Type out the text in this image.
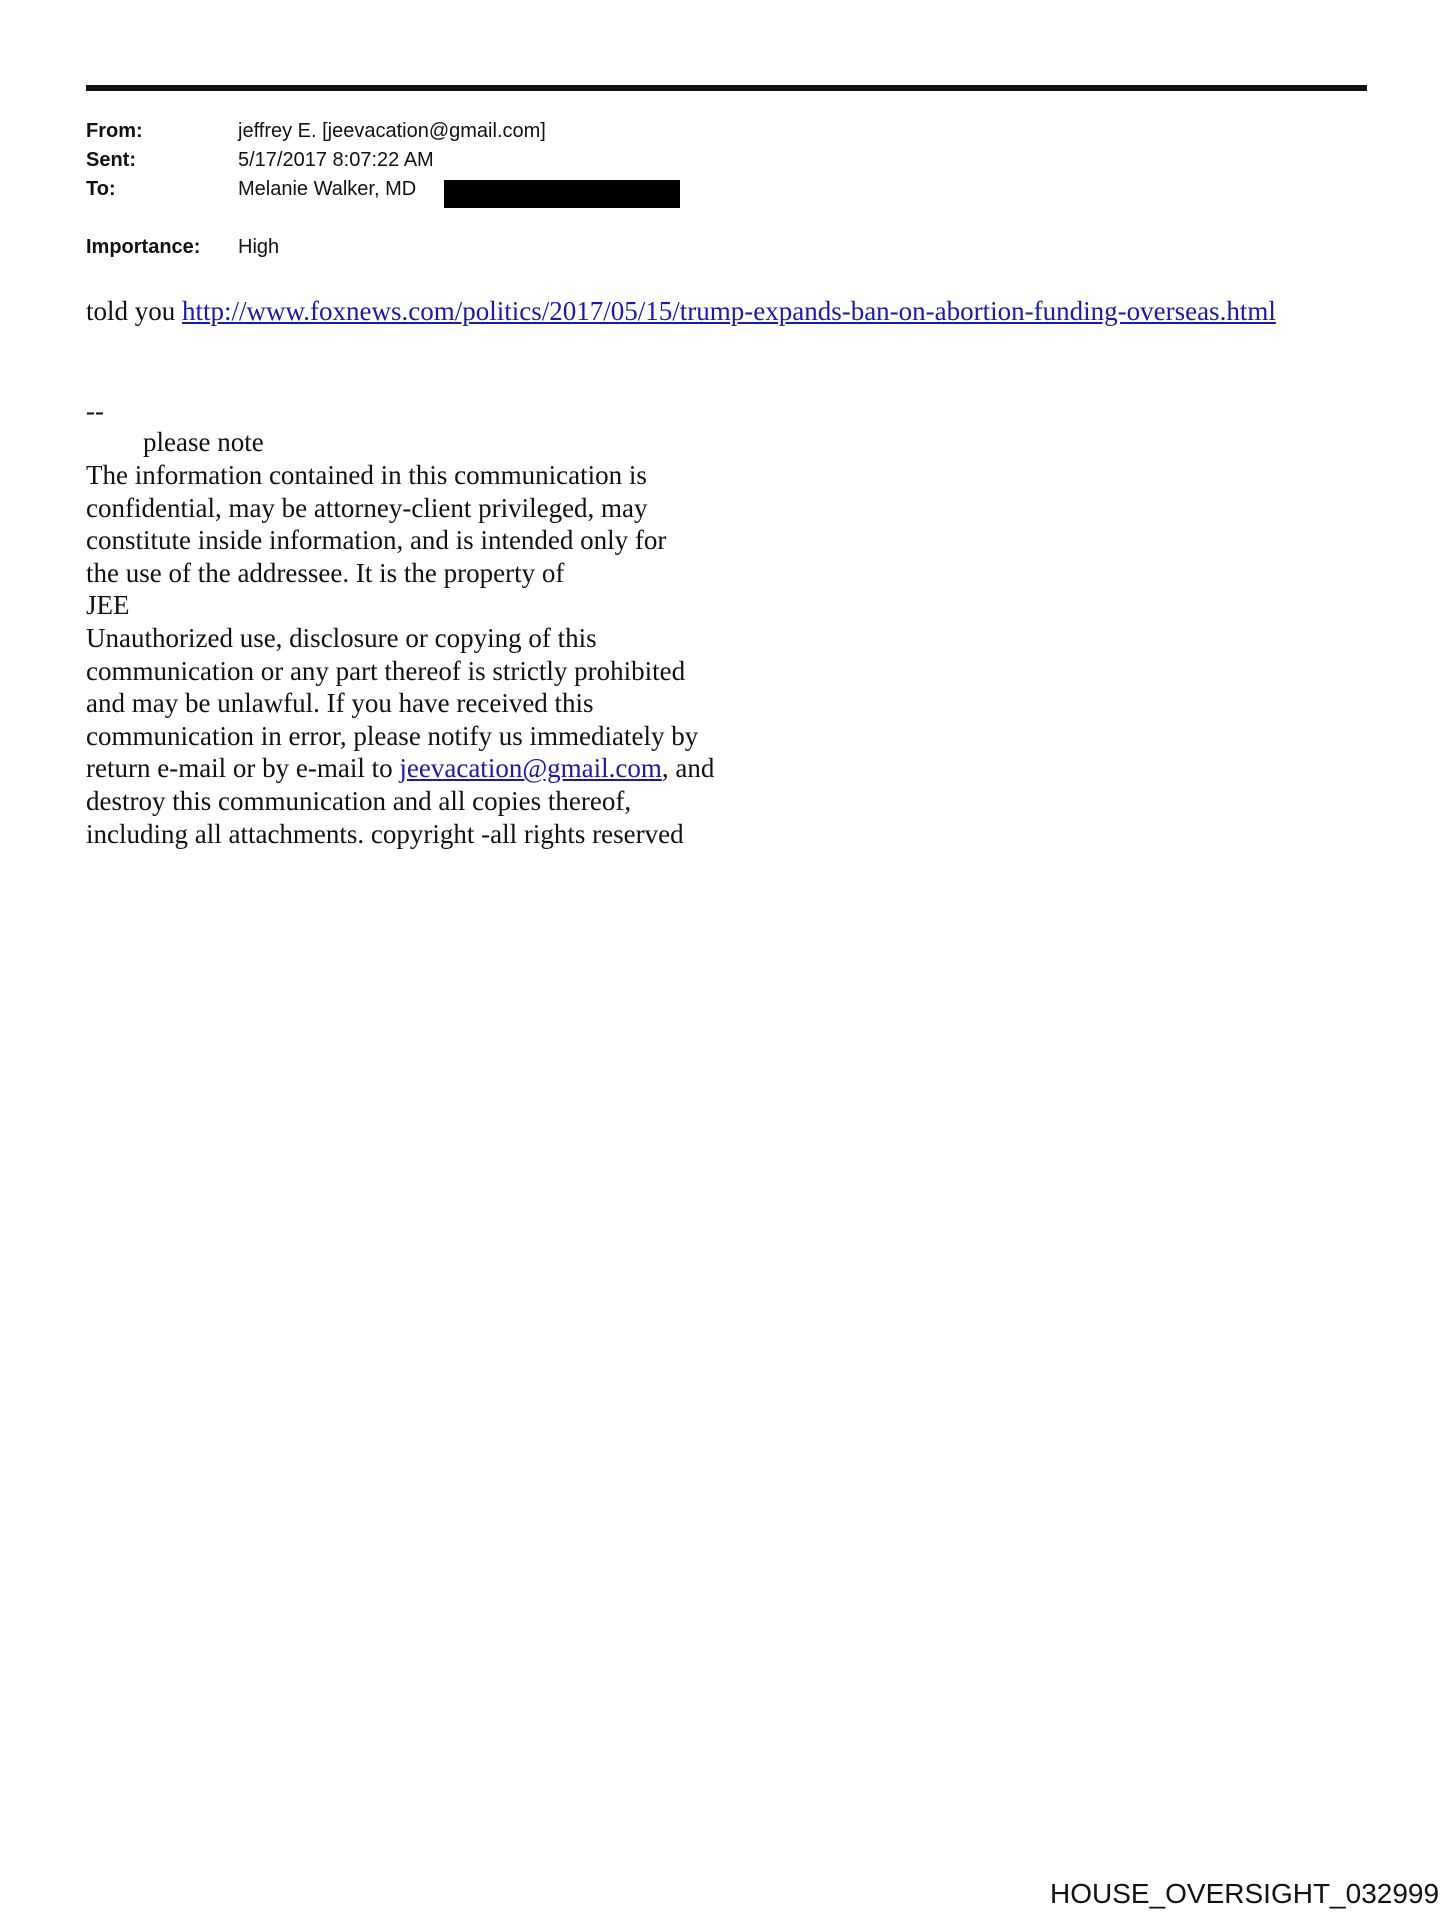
From:	jeffrey E. [jeevacation@gmail.com]
Sent:	5/17/2017 8:07:22 AM
To:	Melanie Walker, MD
Importance: High
told you http://www.foxnews.com/politics/2017/05/15/trump-expands-ban-on-abortion-funding-overseas.html
--
please note
The information contained in this communication is
confidential, may be attorney-client privileged, may
constitute inside information, and is intended only for
the use of the addressee. It is the property of
JEE
Unauthorized use, disclosure or copying of this
communication or any part thereof is strictly prohibited
and may be unlawful. If you have received this
communication in error, please notify us immediately by
return e-mail or by e-mail to jeevacation@gmail.com, and
destroy this communication and all copies thereof,
including all attachments. copyright -all rights reserved
HOUSE_OVERSIGHT_032999
